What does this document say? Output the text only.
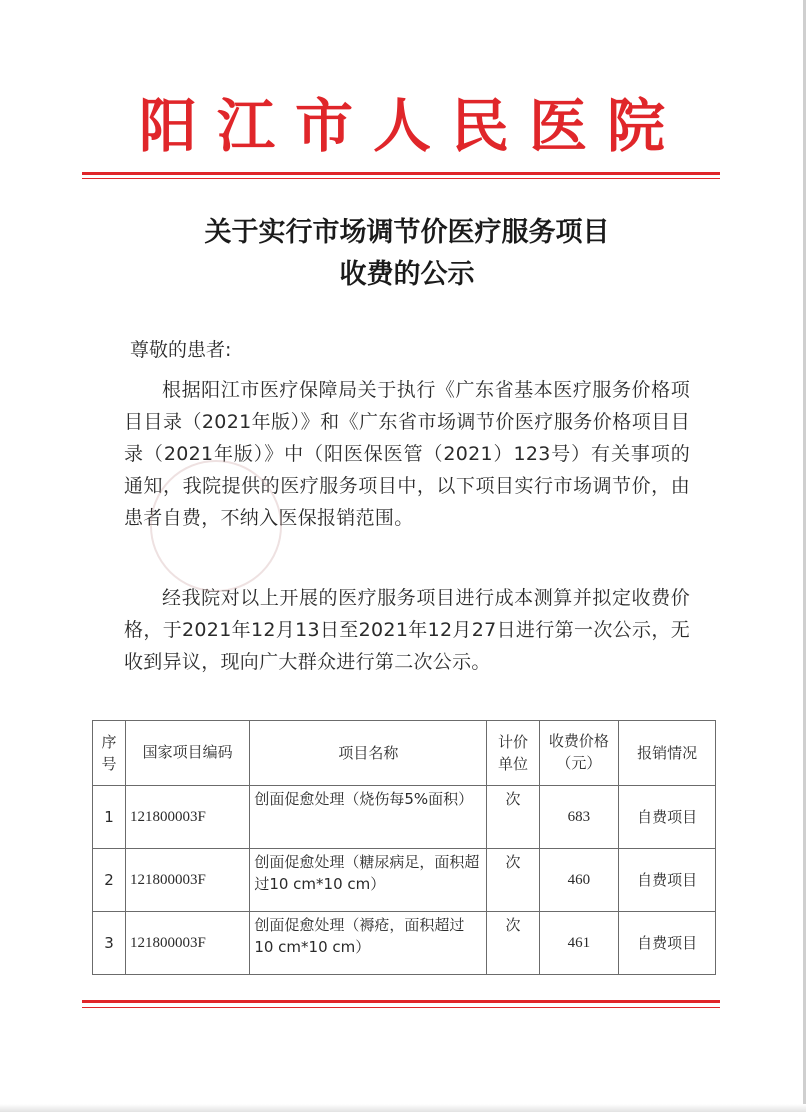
阳江市人民医院
关于实行市场调节价医疗服务项目
收费的公示
尊敬的患者:
根据阳江市医疗保障局关于执行《广东省基本医疗服务价格项目目录（2021年版）》和《广东省市场调节价医疗服务价格项目目录（2021年版）》中（阳医保医管（2021）123号）有关事项的通知，我院提供的医疗服务项目中，以下项目实行市场调节价，由患者自费，不纳入医保报销范围。
经我院对以上开展的医疗服务项目进行成本测算并拟定收费价格，于2021年12月13日至2021年12月27日进行第一次公示，无收到异议，现向广大群众进行第二次公示。
序号	国家项目编码	项目名称	计价单位	收费价格（元）	报销情况
1	121800003F	创面促愈处理（烧伤每5%面积）	次	683	自费项目
2	121800003F	创面促愈处理（糖尿病足，面积超过10 cm*10 cm）	次	460	自费项目
3	121800003F	创面促愈处理（褥疮，面积超过10 cm*10 cm）	次	461	自费项目
